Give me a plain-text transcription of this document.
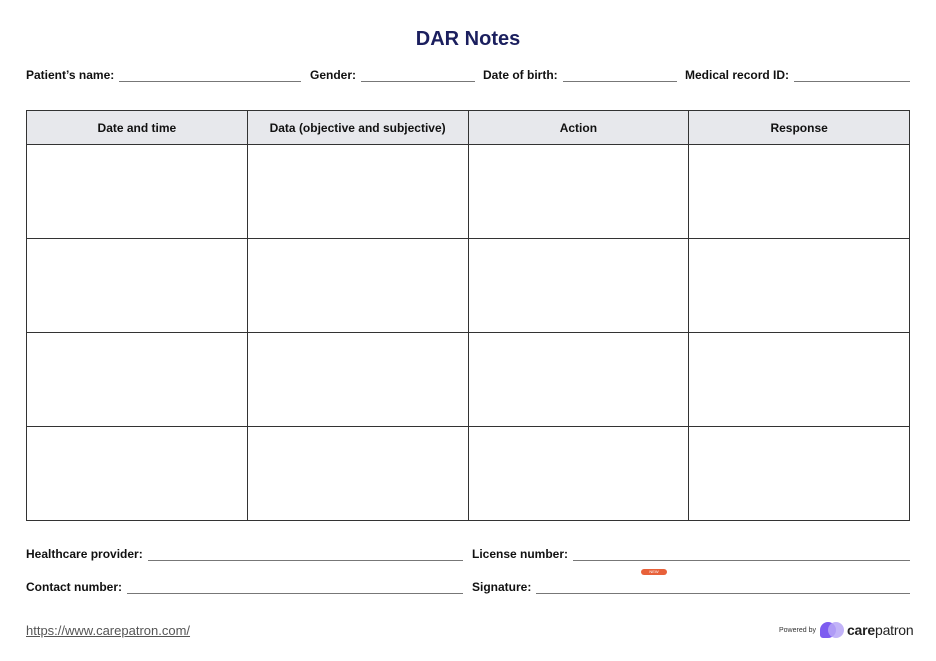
DAR Notes
Patient’s name:	Gender:	Date of birth:	Medical record ID:
Date and time	Data (objective and subjective)	Action	Response

Healthcare provider:	License number:
Contact number:	Signature:
NEW
https://www.carepatron.com/	Powered by carepatron
